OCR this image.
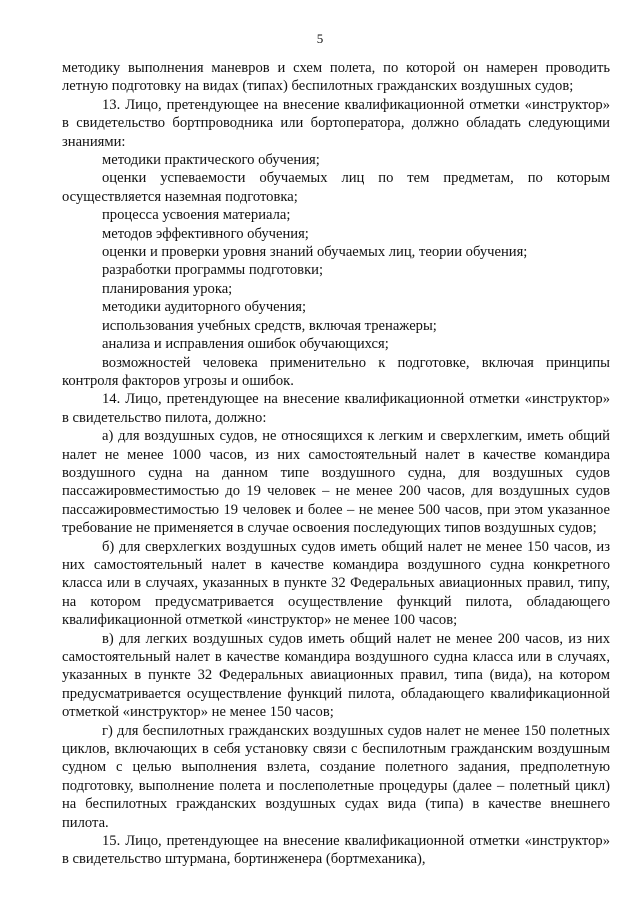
5

методику выполнения маневров и схем полета, по которой он намерен проводить летную подготовку на видах (типах) беспилотных гражданских воздушных судов;

13. Лицо, претендующее на внесение квалификационной отметки «инструктор» в свидетельство бортпроводника или бортоператора, должно обладать следующими знаниями:

методики практического обучения;

оценки успеваемости обучаемых лиц по тем предметам, по которым осуществляется наземная подготовка;

процесса усвоения материала;

методов эффективного обучения;

оценки и проверки уровня знаний обучаемых лиц, теории обучения;

разработки программы подготовки;

планирования урока;

методики аудиторного обучения;

использования учебных средств, включая тренажеры;

анализа и исправления ошибок обучающихся;

возможностей человека применительно к подготовке, включая принципы контроля факторов угрозы и ошибок.

14. Лицо, претендующее на внесение квалификационной отметки «инструктор» в свидетельство пилота, должно:

а) для воздушных судов, не относящихся к легким и сверхлегким, иметь общий налет не менее 1000 часов, из них самостоятельный налет в качестве командира воздушного судна на данном типе воздушного судна, для воздушных судов пассажировместимостью до 19 человек – не менее 200 часов, для воздушных судов пассажировместимостью 19 человек и более – не менее 500 часов, при этом указанное требование не применяется в случае освоения последующих типов воздушных судов;

б) для сверхлегких воздушных судов иметь общий налет не менее 150 часов, из них самостоятельный налет в качестве командира воздушного судна конкретного класса или в случаях, указанных в пункте 32 Федеральных авиационных правил, типу, на котором предусматривается осуществление функций пилота, обладающего квалификационной отметкой «инструктор» не менее 100 часов;

в) для легких воздушных судов иметь общий налет не менее 200 часов, из них самостоятельный налет в качестве командира воздушного судна класса или в случаях, указанных в пункте 32 Федеральных авиационных правил, типа (вида), на котором предусматривается осуществление функций пилота, обладающего квалификационной отметкой «инструктор» не менее 150 часов;

г) для беспилотных гражданских воздушных судов налет не менее 150 полетных циклов, включающих в себя установку связи с беспилотным гражданским воздушным судном с целью выполнения взлета, создание полетного задания, предполетную подготовку, выполнение полета и послеполетные процедуры (далее – полетный цикл) на беспилотных гражданских воздушных судах вида (типа) в качестве внешнего пилота.

15. Лицо, претендующее на внесение квалификационной отметки «инструктор» в свидетельство штурмана, бортинженера (бортмеханика),
